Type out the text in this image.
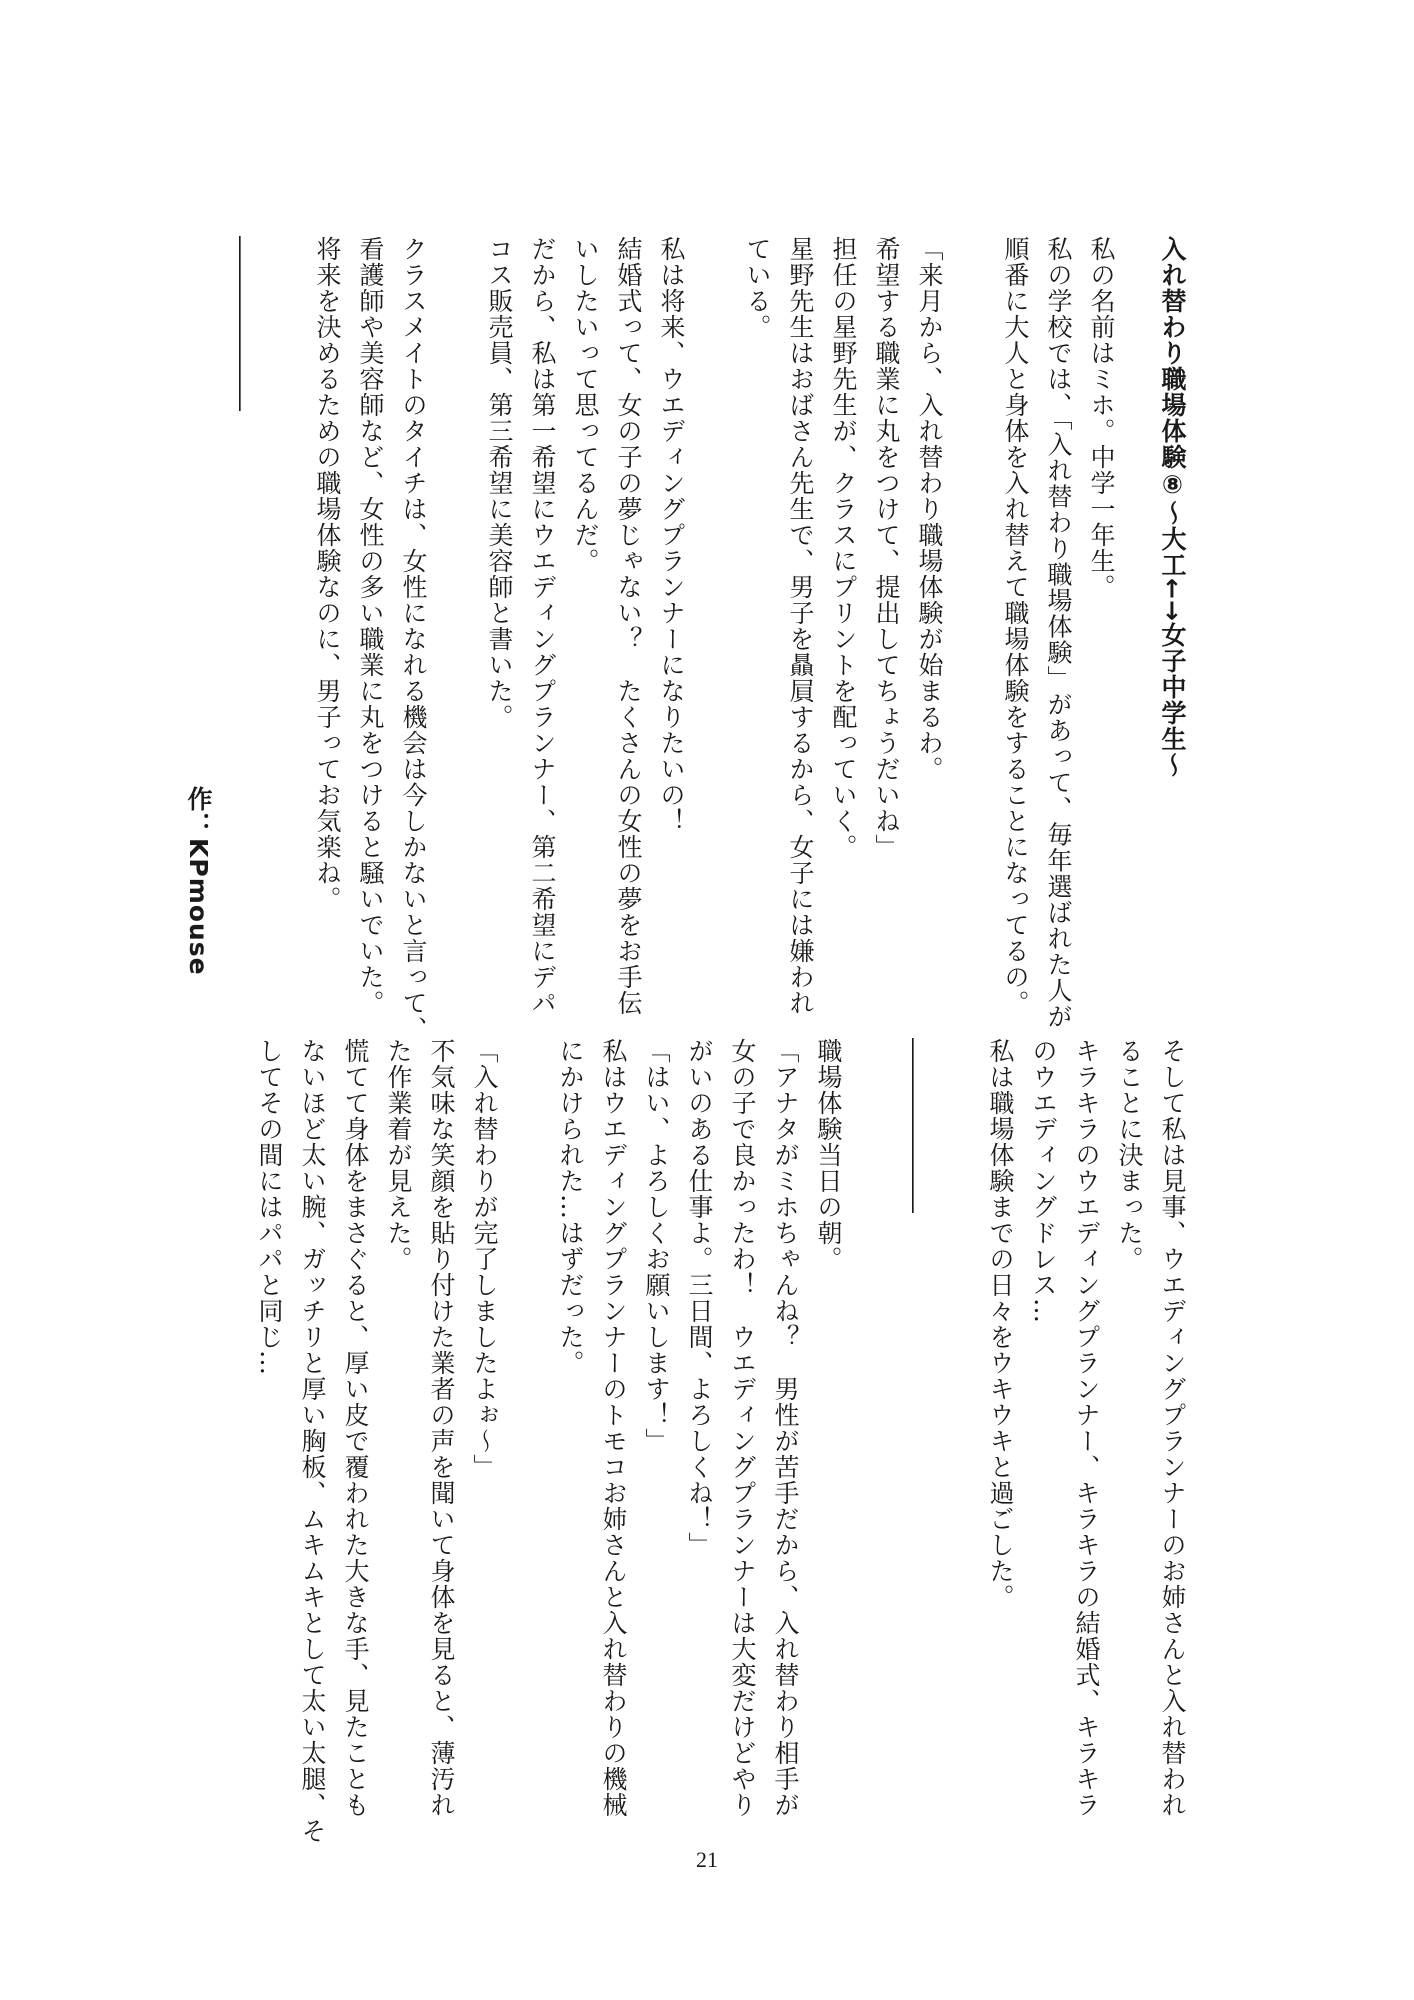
入れ替わり職場体験⑧～大工←→女子中学生～
私の名前はミホ。中学一年生。
私の学校では、「入れ替わり職場体験」があって、毎年選ばれた人が
順番に大人と身体を入れ替えて職場体験をすることになってるの。
「来月から、入れ替わり職場体験が始まるわ。
希望する職業に丸をつけて、提出してちょうだいね」
担任の星野先生が、クラスにプリントを配っていく。
星野先生はおばさん先生で、男子を贔屓するから、女子には嫌われ
ている。
私は将来、ウエディングプランナーになりたいの！
結婚式って、女の子の夢じゃない？　たくさんの女性の夢をお手伝
いしたいって思ってるんだ。
だから、私は第一希望にウエディングプランナー、第二希望にデパ
コス販売員、第三希望に美容師と書いた。
クラスメイトのタイチは、女性になれる機会は今しかないと言って、
看護師や美容師など、女性の多い職業に丸をつけると騒いでいた。
将来を決めるための職場体験なのに、男子ってお気楽ね。
―――――――
作：KPmouse
そして私は見事、ウエディングプランナーのお姉さんと入れ替われ
ることに決まった。
キラキラのウエディングプランナー、キラキラの結婚式、キラキラ
のウエディングドレス…
私は職場体験までの日々をウキウキと過ごした。
―――――――
職場体験当日の朝。
「アナタがミホちゃんね？　男性が苦手だから、入れ替わり相手が
女の子で良かったわ！　ウエディングプランナーは大変だけどやり
がいのある仕事よ。三日間、よろしくね！」
「はい、よろしくお願いします！」
私はウエディングプランナーのトモコお姉さんと入れ替わりの機械
にかけられた…はずだった。
「入れ替わりが完了しましたよぉ～」
不気味な笑顔を貼り付けた業者の声を聞いて身体を見ると、薄汚れ
た作業着が見えた。
慌てて身体をまさぐると、厚い皮で覆われた大きな手、見たことも
ないほど太い腕、ガッチリと厚い胸板、ムキムキとして太い太腿、そ
してその間にはパパと同じ…
21
